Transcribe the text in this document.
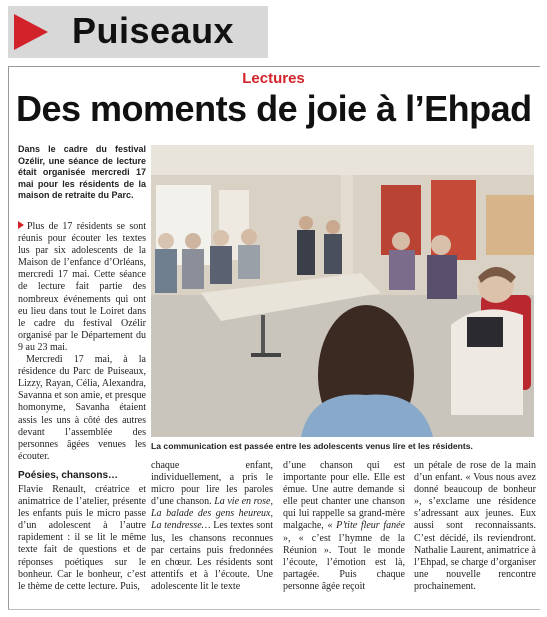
Puiseaux
Lectures
Des moments de joie à l’Ehpad
Dans le cadre du festival Ozélir, une séance de lecture était organisée mercredi 17 mai pour les résidents de la maison de retraite du Parc.

Plus de 17 résidents se sont réunis pour écouter les textes lus par six adolescents de la Maison de l’enfance d’Orléans, mercredi 17 mai. Cette séance de lecture fait partie des nombreux événements qui ont eu lieu dans tout le Loiret dans le cadre du festival Ozélir organisé par le Département du 9 au 23 mai.

Mercredi 17 mai, à la résidence du Parc de Puiseaux, Lizzy, Rayan, Célia, Alexandra, Savanna et son amie, et presque homonyme, Savanha étaient assis les uns à côté des autres devant l’assemblée des personnes âgées venues les écouter.

Poésies, chansons…

Flavie Renault, créatrice et animatrice de l’atelier, présente les enfants puis le micro passe d’un adolescent à l’autre rapidement : il se lit le même texte fait de questions et de réponses poétiques sur le bonheur. Car le bonheur, c’est le thème de cette lecture. Puis,

La communication est passée entre les adolescents venus lire et les résidents.

chaque enfant, individuellement, a pris le micro pour lire les paroles d’une chanson. La vie en rose, La balade des gens heureux, La tendresse… Les textes sont lus, les chansons reconnues par certains puis fredonnées en chœur. Les résidents sont attentifs et à l’écoute. Une adolescente lit le texte

d’une chanson qui est importante pour elle. Elle est émue. Une autre demande si elle peut chanter une chanson qui lui rappelle sa grand-mère malgache, « P’tite fleur fanée », « c’est l’hymne de la Réunion ». Tout le monde l’écoute, l’émotion est là, partagée. Puis chaque personne âgée reçoit

un pétale de rose de la main d’un enfant. « Vous nous avez donné beaucoup de bonheur », s’exclame une résidence s’adressant aux jeunes. Eux aussi sont reconnaissants. C’est décidé, ils reviendront. Nathalie Laurent, animatrice à l’Ehpad, se charge d’organiser une nouvelle rencontre prochainement.
